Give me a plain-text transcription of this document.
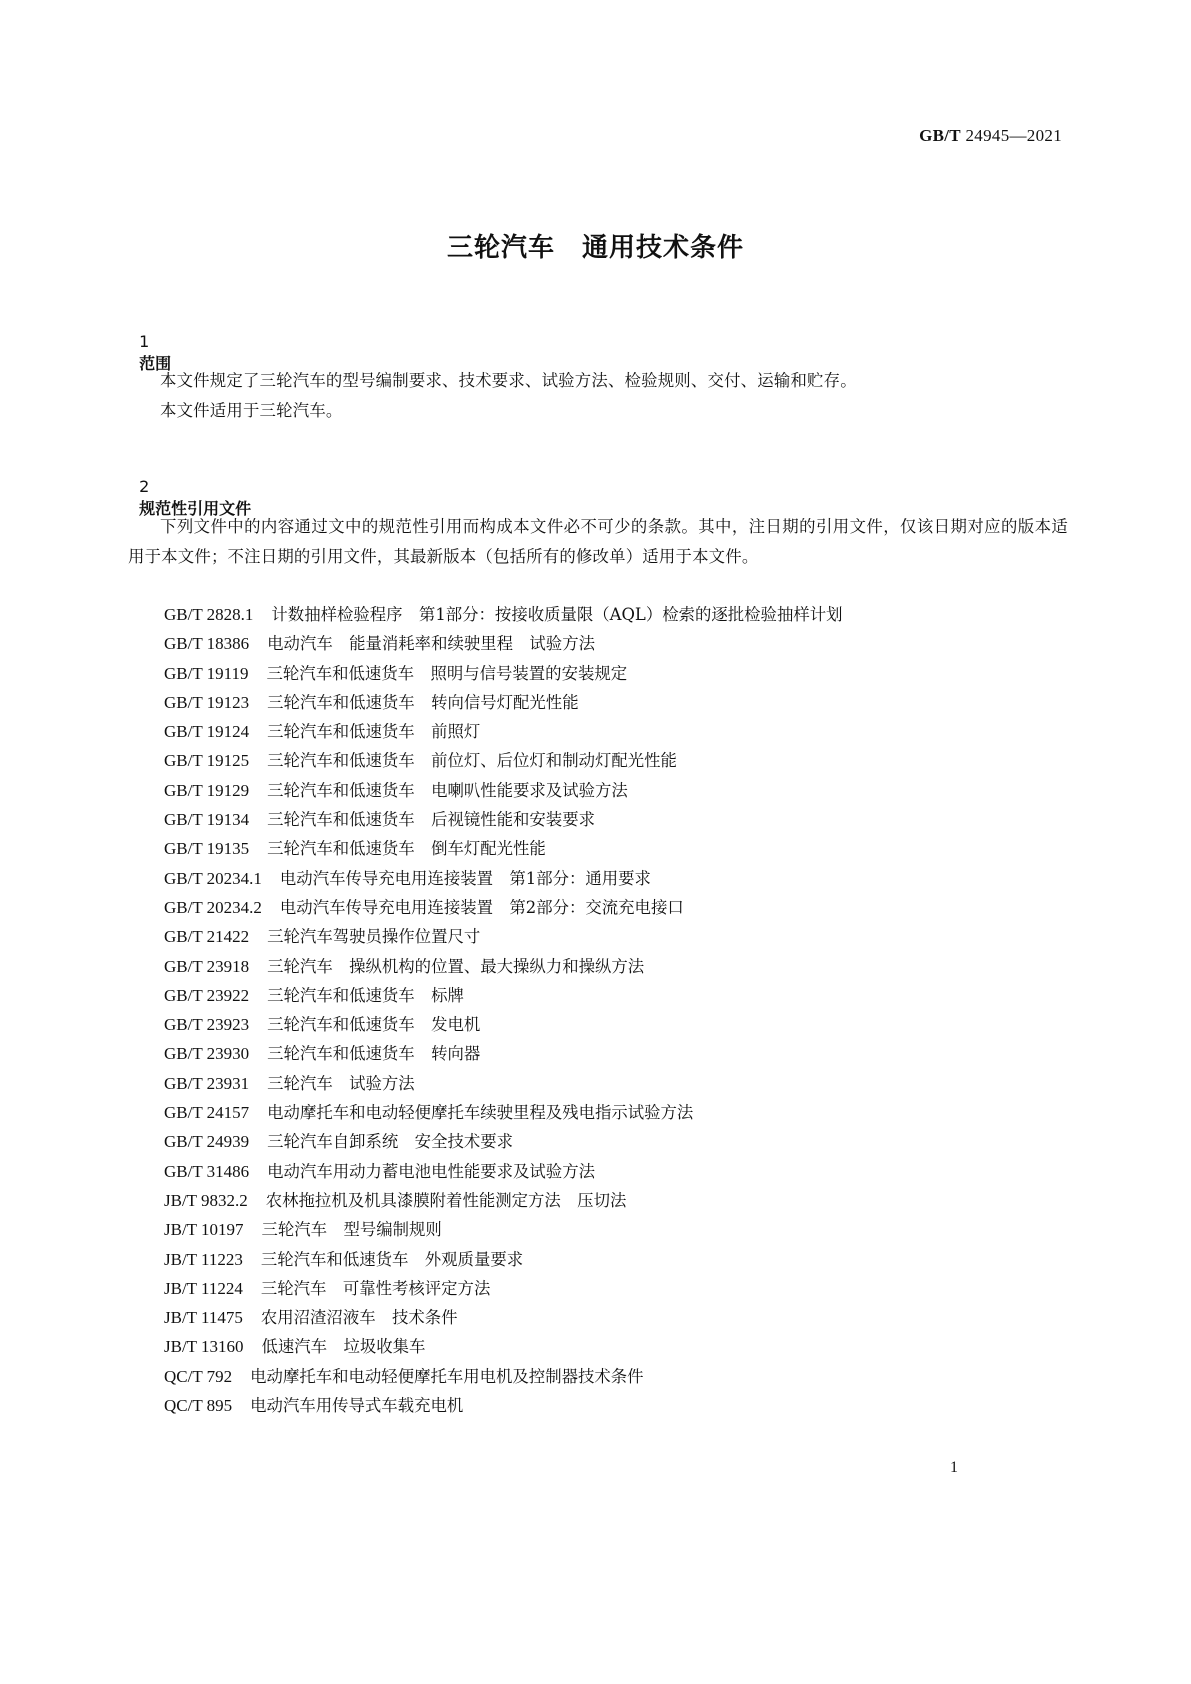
GB/T 24945—2021
三轮汽车　通用技术条件

1
范围

本文件规定了三轮汽车的型号编制要求、技术要求、试验方法、检验规则、交付、运输和贮存。

本文件适用于三轮汽车。

2
规范性引用文件

下列文件中的内容通过文中的规范性引用而构成本文件必不可少的条款。其中，注日期的引用文件，仅该日期对应的版本适用于本文件；不注日期的引用文件，其最新版本（包括所有的修改单）适用于本文件。

GB/T 2828.1 计数抽样检验程序　第1部分：按接收质量限（AQL）检索的逐批检验抽样计划
GB/T 18386 电动汽车　能量消耗率和续驶里程　试验方法
GB/T 19119 三轮汽车和低速货车　照明与信号装置的安装规定
GB/T 19123 三轮汽车和低速货车　转向信号灯配光性能
GB/T 19124 三轮汽车和低速货车　前照灯
GB/T 19125 三轮汽车和低速货车　前位灯、后位灯和制动灯配光性能
GB/T 19129 三轮汽车和低速货车　电喇叭性能要求及试验方法
GB/T 19134 三轮汽车和低速货车　后视镜性能和安装要求
GB/T 19135 三轮汽车和低速货车　倒车灯配光性能
GB/T 20234.1 电动汽车传导充电用连接装置　第1部分：通用要求
GB/T 20234.2 电动汽车传导充电用连接装置　第2部分：交流充电接口
GB/T 21422 三轮汽车驾驶员操作位置尺寸
GB/T 23918 三轮汽车　操纵机构的位置、最大操纵力和操纵方法
GB/T 23922 三轮汽车和低速货车　标牌
GB/T 23923 三轮汽车和低速货车　发电机
GB/T 23930 三轮汽车和低速货车　转向器
GB/T 23931 三轮汽车　试验方法
GB/T 24157 电动摩托车和电动轻便摩托车续驶里程及残电指示试验方法
GB/T 24939 三轮汽车自卸系统　安全技术要求
GB/T 31486 电动汽车用动力蓄电池电性能要求及试验方法
JB/T 9832.2 农林拖拉机及机具漆膜附着性能测定方法　压切法
JB/T 10197 三轮汽车　型号编制规则
JB/T 11223 三轮汽车和低速货车　外观质量要求
JB/T 11224 三轮汽车　可靠性考核评定方法
JB/T 11475 农用沼渣沼液车　技术条件
JB/T 13160 低速汽车　垃圾收集车
QC/T 792 电动摩托车和电动轻便摩托车用电机及控制器技术条件
QC/T 895 电动汽车用传导式车载充电机
1
